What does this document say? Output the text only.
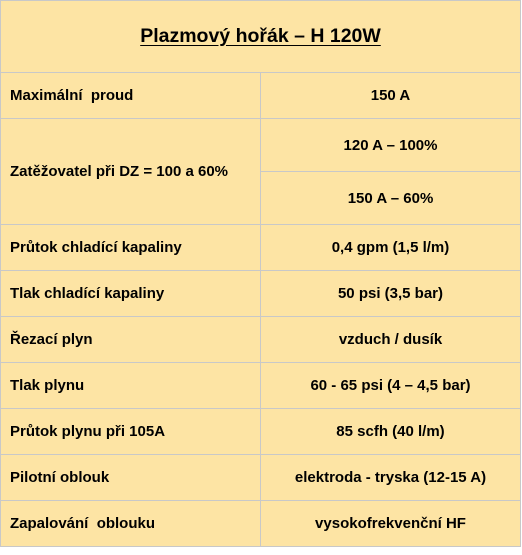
Plazmový hořák – H 120W	
Maximální  proud	150 A
Zatěžovatel při DZ = 100 a 60%	120 A – 100%
	150 A – 60%
Průtok chladící kapaliny	0,4 gpm (1,5 l/m)
Tlak chladící kapaliny	50 psi (3,5 bar)
Řezací plyn	vzduch / dusík
Tlak plynu	60 - 65 psi (4 – 4,5 bar)
Průtok plynu při 105A	85 scfh (40 l/m)
Pilotní oblouk	elektroda - tryska (12-15 A)
Zapalování  oblouku	vysokofrekvenční HF
